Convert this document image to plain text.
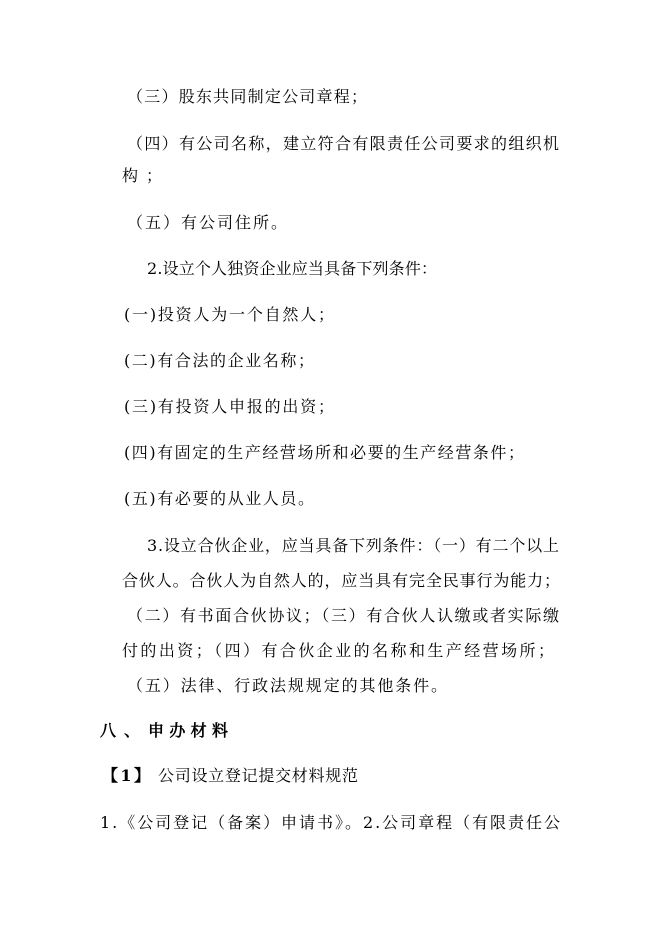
（三）股东共同制定公司章程；
（四）有公司名称，建立符合有限责任公司要求的组织机
构；
（五）有公司住所。
2.设立个人独资企业应当具备下列条件：
(一)投资人为一个自然人；
(二)有合法的企业名称；
(三)有投资人申报的出资；
(四)有固定的生产经营场所和必要的生产经营条件；
(五)有必要的从业人员。
3.设立合伙企业，应当具备下列条件：（一）有二个以上
合伙人。合伙人为自然人的，应当具有完全民事行为能力；
（二）有书面合伙协议；（三）有合伙人认缴或者实际缴
付的出资；（四）有合伙企业的名称和生产经营场所；
（五）法律、行政法规规定的其他条件。
八、 申办材料
【1】 公司设立登记提交材料规范
1.《公司登记（备案）申请书》。2.公司章程（有限责任公
